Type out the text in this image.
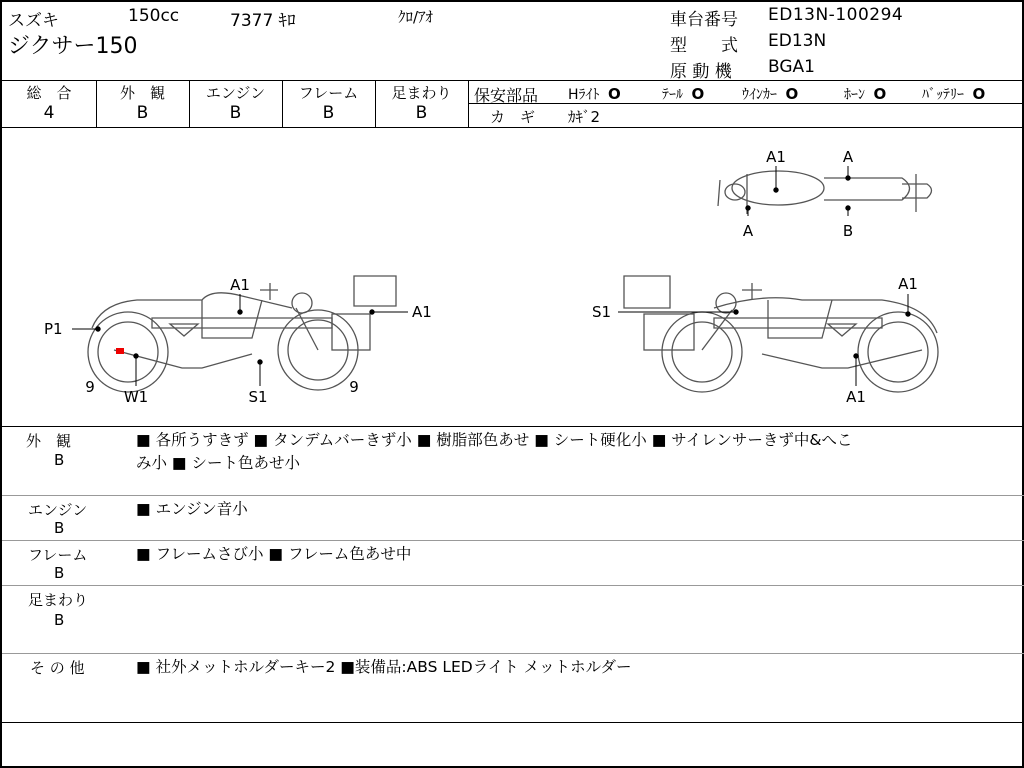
スズキ	150cc	7377 ｷﾛ	ｸﾛ/ｱｵ
ジクサー150
車台番号 ED13N-100294
型　　式 ED13N
原 動 機 BGA1
総　合
4
外　観
B
エンジン
B
フレーム
B
足まわり
B
保安部品 Hﾗｲﾄ O	ﾃｰﾙ O	ｳｲﾝｶｰ O	ﾎｰﾝ O	ﾊﾞｯﾃﾘｰ O
カ　ギ ｶｷﾞ2
A1	A
A	B
A1
A1
P1
9
W1	S1
9
S1
A1
A1
外　観
B
■ 各所うすきず ■ タンデムバーきず小 ■ 樹脂部色あせ ■ シート硬化小 ■ サイレンサーきず中&へこ
み小 ■ シート色あせ小
エンジン
B
■ エンジン音小
フレーム
B
■ フレームさび小 ■ フレーム色あせ中
足まわり
B
そ の 他	■ 社外メットホルダーキー2 ■装備品:ABS LEDライト メットホルダー
